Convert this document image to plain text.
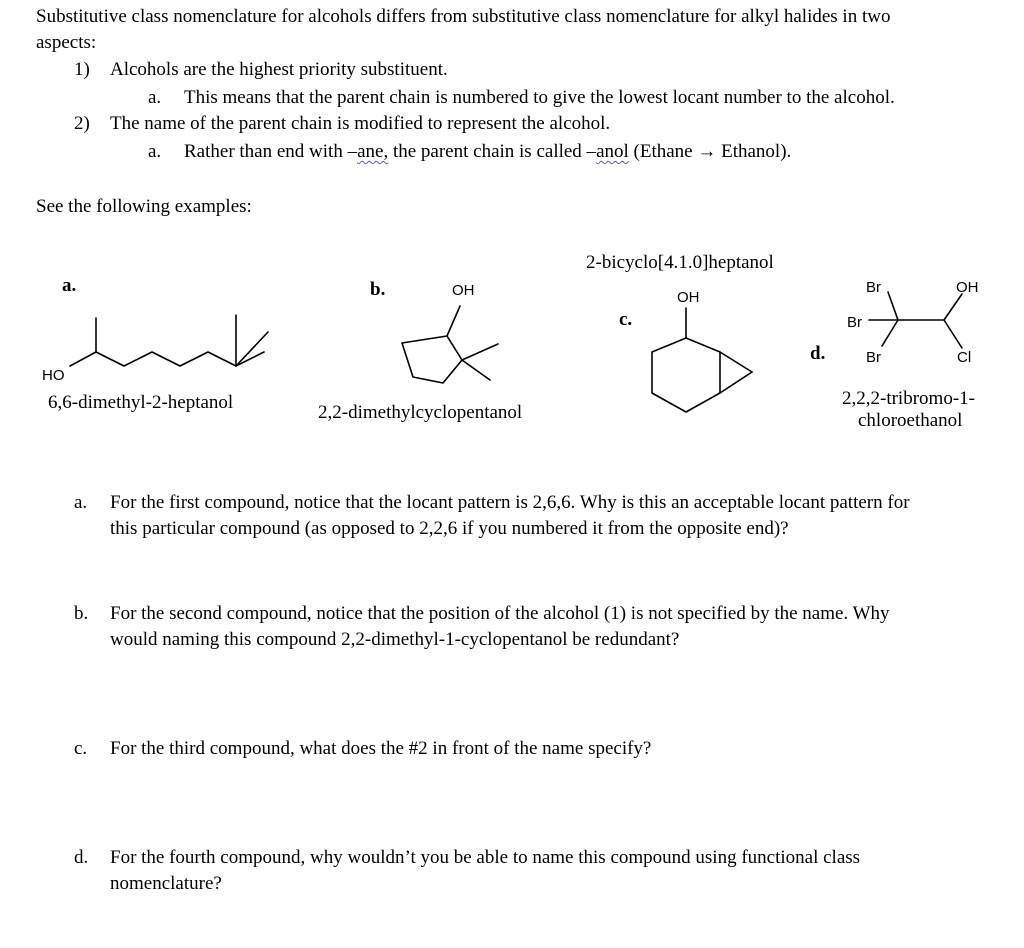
Substitutive class nomenclature for alcohols differs from substitutive class nomenclature for alkyl halides in two
aspects:
1) Alcohols are the highest priority substituent.
a. This means that the parent chain is numbered to give the lowest locant number to the alcohol.
2) The name of the parent chain is modified to represent the alcohol.
a. Rather than end with –ane, the parent chain is called –anol (Ethane → Ethanol).
See the following examples:
a.
HO
6,6-dimethyl-2-heptanol
b.	OH
2,2-dimethylcyclopentanol
2-bicyclo[4.1.0]heptanol
OH
c.
d.
Br
Br
Br
OH
Cl
2,2,2-tribromo-1-
chloroethanol
a. For the first compound, notice that the locant pattern is 2,6,6. Why is this an acceptable locant pattern for
this particular compound (as opposed to 2,2,6 if you numbered it from the opposite end)?
b. For the second compound, notice that the position of the alcohol (1) is not specified by the name. Why
would naming this compound 2,2-dimethyl-1-cyclopentanol be redundant?
c. For the third compound, what does the #2 in front of the name specify?
d. For the fourth compound, why wouldn’t you be able to name this compound using functional class
nomenclature?
